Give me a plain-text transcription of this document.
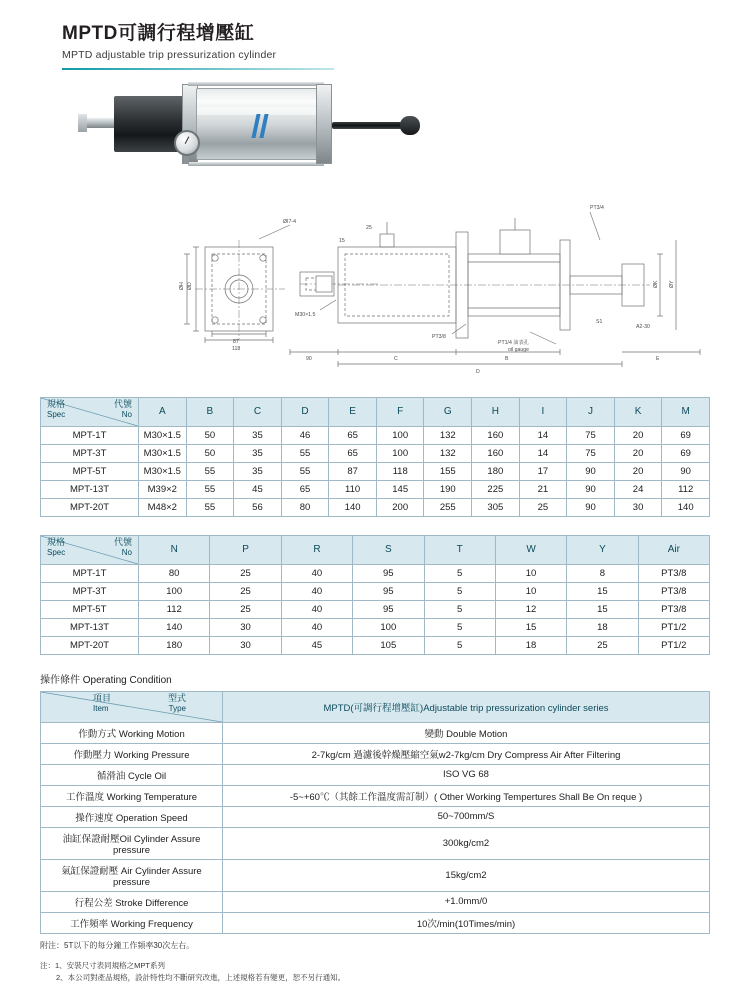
MPTD可調行程增壓缸
MPTD adjustable trip pressurization cylinder
PT3/4
ØI7-4
M30×1.5
PT3/8
PT1/4 油表孔
oil gauge
ØD
ØH	ØK ØY
C	B
D
E
90
118
87
15
25
S1
A2-30
規格
Spec
代號
No	A	B	C	D	E	F	G	H	I	J	K	M
MPT-1T	M30×1.5	50	35	46	65	100	132	160	14	75	20	69
MPT-3T	M30×1.5	50	35	55	65	100	132	160	14	75	20	69
MPT-5T	M30×1.5	55	35	55	87	118	155	180	17	90	20	90
MPT-13T	M39×2	55	45	65	110	145	190	225	21	90	24	112
MPT-20T	M48×2	55	56	80	140	200	255	305	25	90	30	140
規格
Spec
代號
No	N	P	R	S	T	W	Y	Air
MPT-1T	80	25	40	95	5	10	8	PT3/8
MPT-3T	100	25	40	95	5	10	15	PT3/8
MPT-5T	112	25	40	95	5	12	15	PT3/8
MPT-13T	140	30	40	100	5	15	18	PT1/2
MPT-20T	180	30	45	105	5	18	25	PT1/2
操作條件 Operating Condition
項目
Item
型式
Type	MPTD(可調行程增壓缸)Adjustable trip pressurization cylinder series
作動方式 Working Motion	變動 Double Motion
作動壓力 Working Pressure	2-7kg/cm 過濾後幹燥壓縮空氣w2-7kg/cm Dry Compress Air After Filtering
循滑油 Cycle Oil	ISO VG 68
工作溫度 Working Temperature	-5~+60℃（其餘工作溫度需訂制）( Other Working Tempertures Shall Be On reque )
操作速度 Operation Speed	50~700mm/S
油缸保證耐壓Oil Cylinder Assure pressure	300kg/cm2
氣缸保證耐壓 Air Cylinder Assure pressure	15kg/cm2
行程公差 Stroke Difference	+1.0mm/0
工作頻率 Working Frequency	10次/min(10Times/min)
附注：5T以下的每分鐘工作頻率30次左右。
注：1、安裝尺寸表同規格之MPT系列
2、本公司對產品規格，設計特性均不斷研究改進，上述規格若有變更，恕不另行通知。
